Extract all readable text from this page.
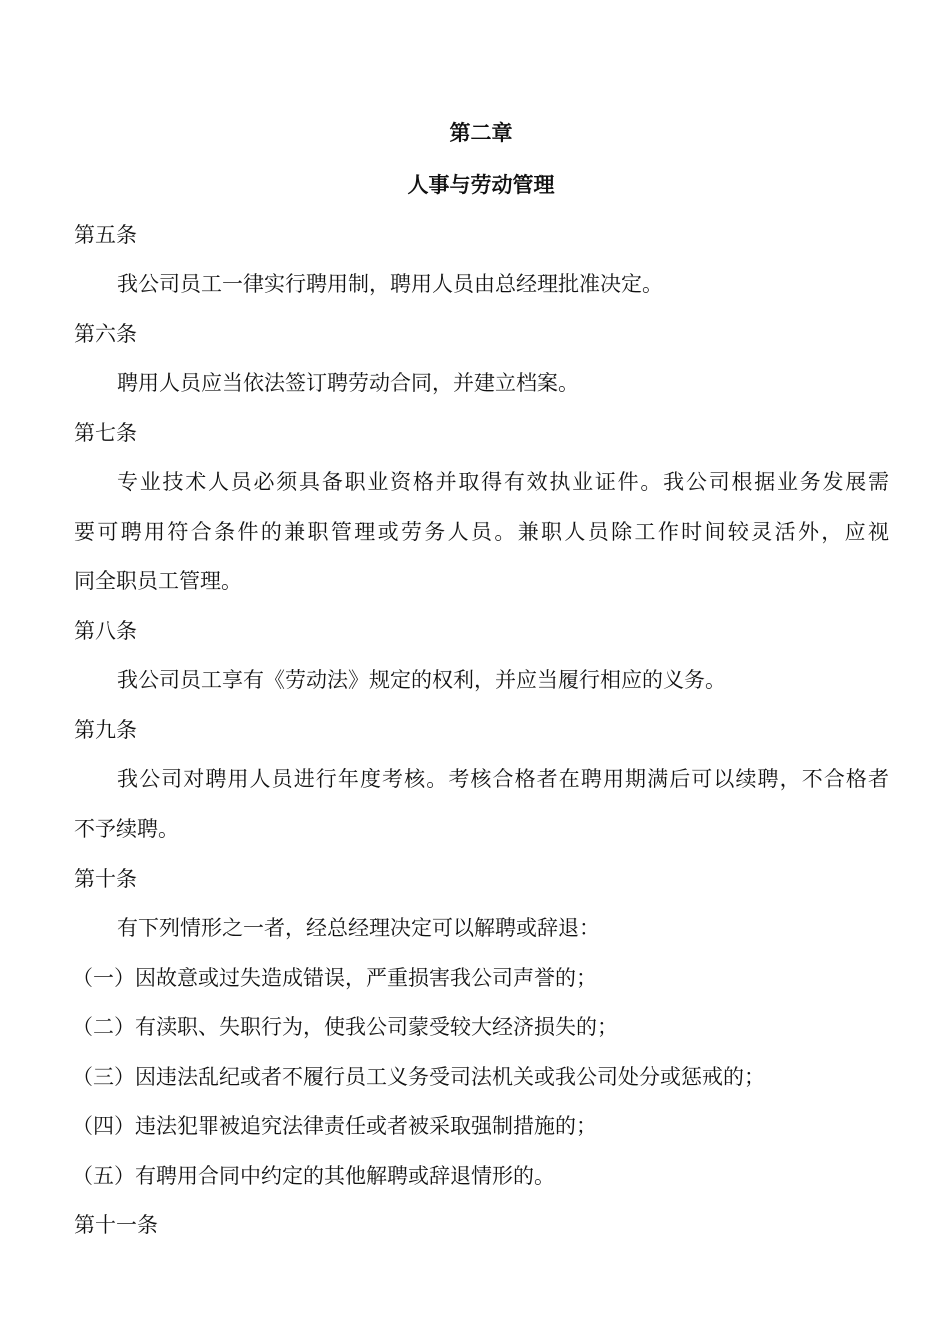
第二章
人事与劳动管理
第五条
我公司员工一律实行聘用制，聘用人员由总经理批准决定。
第六条
聘用人员应当依法签订聘劳动合同，并建立档案。
第七条
专业技术人员必须具备职业资格并取得有效执业证件。我公司根据业务发展需
要可聘用符合条件的兼职管理或劳务人员。兼职人员除工作时间较灵活外，应视
同全职员工管理。
第八条
我公司员工享有《劳动法》规定的权利，并应当履行相应的义务。
第九条
我公司对聘用人员进行年度考核。考核合格者在聘用期满后可以续聘，不合格者
不予续聘。
第十条
有下列情形之一者，经总经理决定可以解聘或辞退：
（一）因故意或过失造成错误，严重损害我公司声誉的；
（二）有渎职、失职行为，使我公司蒙受较大经济损失的；
（三）因违法乱纪或者不履行员工义务受司法机关或我公司处分或惩戒的；
（四）违法犯罪被追究法律责任或者被采取强制措施的；
（五）有聘用合同中约定的其他解聘或辞退情形的。
第十一条
